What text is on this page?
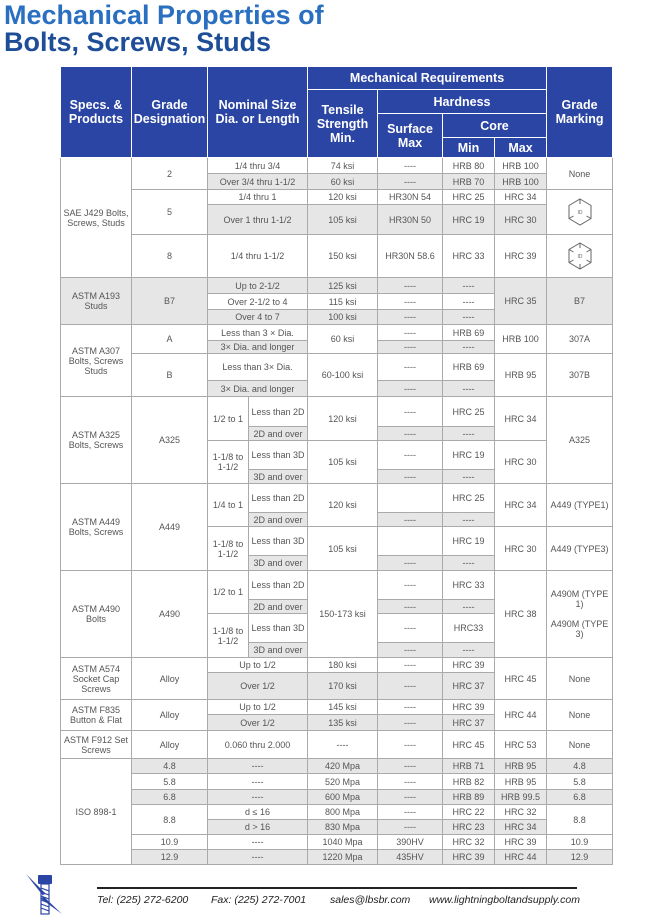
Mechanical Properties of
Bolts, Screws, Studs
Specs. & Products	Grade Designation	Nominal Size Dia. or Length		Mechanical Requirements				Grade Marking
				Tensile Strength Min.	Hardness			
					Surface Max	Core		
						Min	Max	
SAE J429 Bolts, Screws, Studs	2	1/4 thru 3/4		74 ksi	----	HRB 80	HRB 100	None
		Over 3/4 thru 1-1/2		60 ksi	----	HRB 70	HRB 100	
	5	1/4 thru 1		120 ksi	HR30N 54	HRC 25	HRC 34	ID

		Over 1 thru 1-1/2		105 ksi	HR30N 50	HRC 19	HRC 30	
	8	1/4 thru 1-1/2		150 ksi	HR30N 58.6	HRC 33	HRC 39	ID

ASTM A193 Studs	B7	Up to 2-1/2		125 ksi	----	----	HRC 35	B7
		Over 2-1/2 to 4		115 ksi	----	----		
		Over 4 to 7		100 ksi	----	----		
ASTM A307 Bolts, Screws Studs	A	Less than 3 × Dia.		60 ksi	----	HRB 69	HRB 100	307A
		3× Dia. and longer			----	----		
	B	Less than 3× Dia.		60-100 ksi	----	HRB 69	HRB 95	307B
		3× Dia. and longer			----	----		
ASTM A325 Bolts, Screws	A325	1/2 to 1	Less than 2D	120 ksi	----	HRC 25	HRC 34	A325
			2D and over		----	----		
		1-1/8 to 1-1/2	Less than 3D	105 ksi	----	HRC 19	HRC 30	
			3D and over		----	----		
ASTM A449 Bolts, Screws	A449	1/4 to 1	Less than 2D	120 ksi		HRC 25	HRC 34	A449 (TYPE1)
			2D and over		----	----		
		1-1/8 to 1-1/2	Less than 3D	105 ksi		HRC 19	HRC 30	A449 (TYPE3)
			3D and over		----	----		
ASTM A490 Bolts	A490	1/2 to 1	Less than 2D	150-173 ksi	----	HRC 33	HRC 38	A490M (TYPE 1)
A490M (TYPE 3)

			2D and over		----	----		
		1-1/8 to 1-1/2	Less than 3D		----	HRC33		
			3D and over		----	----		
ASTM A574 Socket Cap Screws	Alloy	Up to 1/2		180 ksi	----	HRC 39	HRC 45	None
		Over 1/2		170 ksi	----	HRC 37		
ASTM F835 Button & Flat	Alloy	Up to 1/2		145 ksi	----	HRC 39	HRC 44	None
		Over 1/2		135 ksi	----	HRC 37		
ASTM F912 Set Screws	Alloy	0.060 thru 2.000		----	----	HRC 45	HRC 53	None
ISO 898-1	4.8	----		420 Mpa	----	HRB 71	HRB 95	4.8
	5.8	----		520 Mpa	----	HRB 82	HRB 95	5.8
	6.8	----		600 Mpa	----	HRB 89	HRB 99.5	6.8
	8.8	d ≤ 16		800 Mpa	----	HRC 22	HRC 32	8.8
		d > 16		830 Mpa	----	HRC 23	HRC 34	
	10.9	----		1040 Mpa	390HV	HRC 32	HRC 39	10.9
	12.9	----		1220 Mpa	435HV	HRC 39	HRC 44	12.9
Tel: (225) 272-6200 Fax: (225) 272-7001 sales@lbsbr.com www.lightningboltandsupply.com
